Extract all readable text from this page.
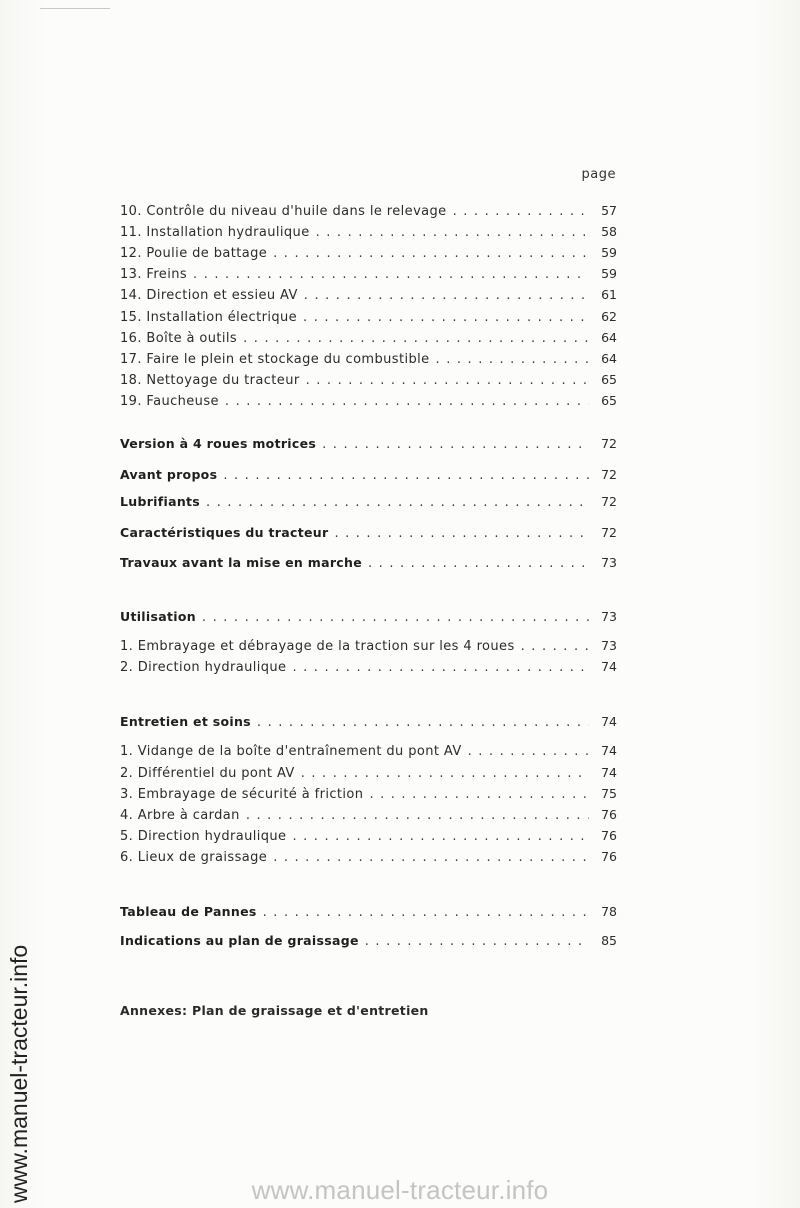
page
10. Contrôle du niveau d'huile dans le relevage . . .	57
11. Installation hydraulique . . .	58
12. Poulie de battage . . .	59
13. Freins . . .	59
14. Direction et essieu AV . . .	61
15. Installation électrique . . .	62
16. Boîte à outils . . .	64
17. Faire le plein et stockage du combustible . . .	64
18. Nettoyage du tracteur . . .	65
19. Faucheuse . . .	65
Version à 4 roues motrices . . .	72
Avant propos . . .	72
Lubrifiants . . .	72
Caractéristiques du tracteur . . .	72
Travaux avant la mise en marche . . .	73
Utilisation . . .	73
1. Embrayage et débrayage de la traction sur les 4 roues . . .	73
2. Direction hydraulique . . .	74
Entretien et soins . . .	74
1. Vidange de la boîte d'entraînement du pont AV . . .	74
2. Différentiel du pont AV . . .	74
3. Embrayage de sécurité à friction . . .	75
4. Arbre à cardan . . .	76
5. Direction hydraulique . . .	76
6. Lieux de graissage . . .	76
Tableau de Pannes . . .	78
Indications au plan de graissage . . .	85
Annexes: Plan de graissage et d'entretien
www.manuel-tracteur.info	www.manuel-tracteur.info
